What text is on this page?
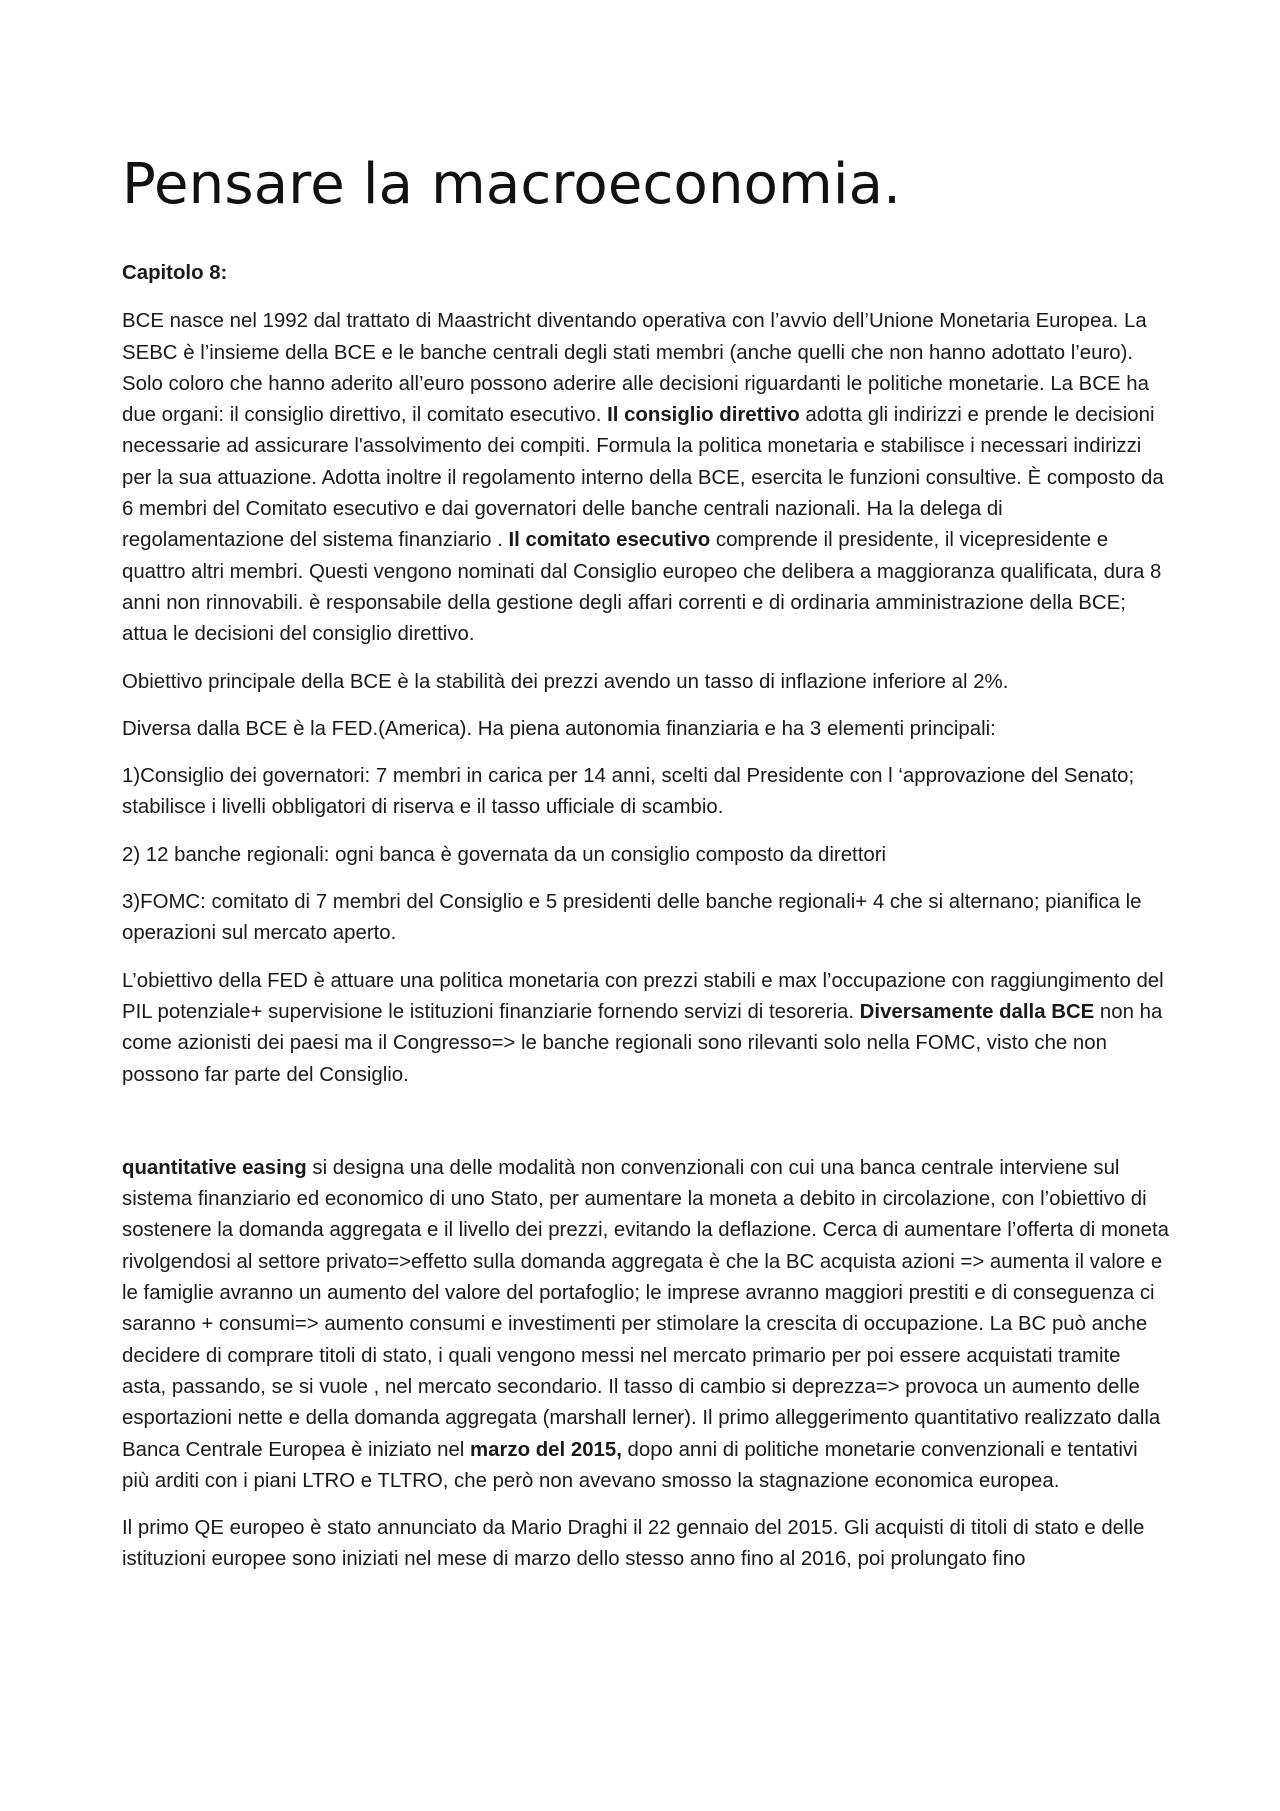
Pensare la macroeconomia.
Capitolo 8:

BCE nasce nel 1992 dal trattato di Maastricht diventando operativa con l’avvio dell’Unione Monetaria Europea. La SEBC è l’insieme della BCE e le banche centrali degli stati membri (anche quelli che non hanno adottato l’euro). Solo coloro che hanno aderito all’euro possono aderire alle decisioni riguardanti le politiche monetarie. La BCE ha due organi: il consiglio direttivo, il comitato esecutivo. Il consiglio direttivo adotta gli indirizzi e prende le decisioni necessarie ad assicurare l'assolvimento dei compiti. Formula la politica monetaria e stabilisce i necessari indirizzi per la sua attuazione. Adotta inoltre il regolamento interno della BCE, esercita le funzioni consultive. È composto da 6 membri del Comitato esecutivo e dai governatori delle banche centrali nazionali. Ha la delega di regolamentazione del sistema finanziario . Il comitato esecutivo comprende il presidente, il vicepresidente e quattro altri membri. Questi vengono nominati dal Consiglio europeo che delibera a maggioranza qualificata, dura 8 anni non rinnovabili. è responsabile della gestione degli affari correnti e di ordinaria amministrazione della BCE; attua le decisioni del consiglio direttivo.

Obiettivo principale della BCE è la stabilità dei prezzi avendo un tasso di inflazione inferiore al 2%.

Diversa dalla BCE è la FED.(America). Ha piena autonomia finanziaria e ha 3 elementi principali:

1)Consiglio dei governatori: 7 membri in carica per 14 anni, scelti dal Presidente con l ‘approvazione del Senato; stabilisce i livelli obbligatori di riserva e il tasso ufficiale di scambio.

2) 12 banche regionali: ogni banca è governata da un consiglio composto da direttori

3)FOMC: comitato di 7 membri del Consiglio e 5 presidenti delle banche regionali+ 4 che si alternano; pianifica le operazioni sul mercato aperto.

L’obiettivo della FED è attuare una politica monetaria con prezzi stabili e max l’occupazione con raggiungimento del PIL potenziale+ supervisione le istituzioni finanziarie fornendo servizi di tesoreria. Diversamente dalla BCE non ha come azionisti dei paesi ma il Congresso=> le banche regionali sono rilevanti solo nella FOMC, visto che non possono far parte del Consiglio.

quantitative easing si designa una delle modalità non convenzionali con cui una banca centrale interviene sul sistema finanziario ed economico di uno Stato, per aumentare la moneta a debito in circolazione, con l’obiettivo di sostenere la domanda aggregata e il livello dei prezzi, evitando la deflazione. Cerca di aumentare l’offerta di moneta rivolgendosi al settore privato=>effetto sulla domanda aggregata è che la BC acquista azioni => aumenta il valore e le famiglie avranno un aumento del valore del portafoglio; le imprese avranno maggiori prestiti e di conseguenza ci saranno + consumi=> aumento consumi e investimenti per stimolare la crescita di occupazione. La BC può anche decidere di comprare titoli di stato, i quali vengono messi nel mercato primario per poi essere acquistati tramite asta, passando, se si vuole , nel mercato secondario. Il tasso di cambio si deprezza=> provoca un aumento delle esportazioni nette e della domanda aggregata (marshall lerner). Il primo alleggerimento quantitativo realizzato dalla Banca Centrale Europea è iniziato nel marzo del 2015, dopo anni di politiche monetarie convenzionali e tentativi più arditi con i piani LTRO e TLTRO, che però non avevano smosso la stagnazione economica europea.

Il primo QE europeo è stato annunciato da Mario Draghi il 22 gennaio del 2015. Gli acquisti di titoli di stato e delle istituzioni europee sono iniziati nel mese di marzo dello stesso anno fino al 2016, poi prolungato fino
